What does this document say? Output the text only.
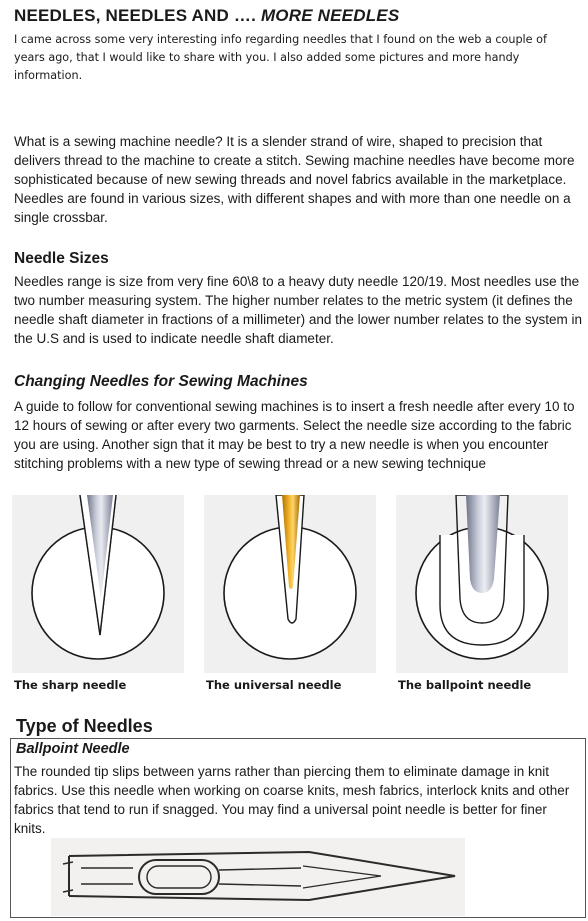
NEEDLES, NEEDLES AND …. MORE NEEDLES
I came across some very interesting info regarding needles that I found on the web a couple of years ago, that I would like to share with you. I also added some pictures and more handy information.
What is a sewing machine needle? It is a slender strand of wire, shaped to precision that delivers thread to the machine to create a stitch. Sewing machine needles have become more sophisticated because of new sewing threads and novel fabrics available in the marketplace. Needles are found in various sizes, with different shapes and with more than one needle on a single crossbar.
Needle Sizes
Needles range is size from very fine 60\8 to a heavy duty needle 120/19. Most needles use the two number measuring system. The higher number relates to the metric system (it defines the needle shaft diameter in fractions of a millimeter) and the lower number relates to the system in the U.S and is used to indicate needle shaft diameter.
Changing Needles for Sewing Machines
A guide to follow for conventional sewing machines is to insert a fresh needle after every 10 to 12 hours of sewing or after every two garments. Select the needle size according to the fabric you are using. Another sign that it may be best to try a new needle is when you encounter stitching problems with a new type of sewing thread or a new sewing technique
The sharp needle	The universal needle	The ballpoint needle
Type of Needles
Ballpoint Needle
The rounded tip slips between yarns rather than piercing them to eliminate damage in knit fabrics. Use this needle when working on coarse knits, mesh fabrics, interlock knits and other fabrics that tend to run if snagged. You may find a universal point needle is better for finer knits.
